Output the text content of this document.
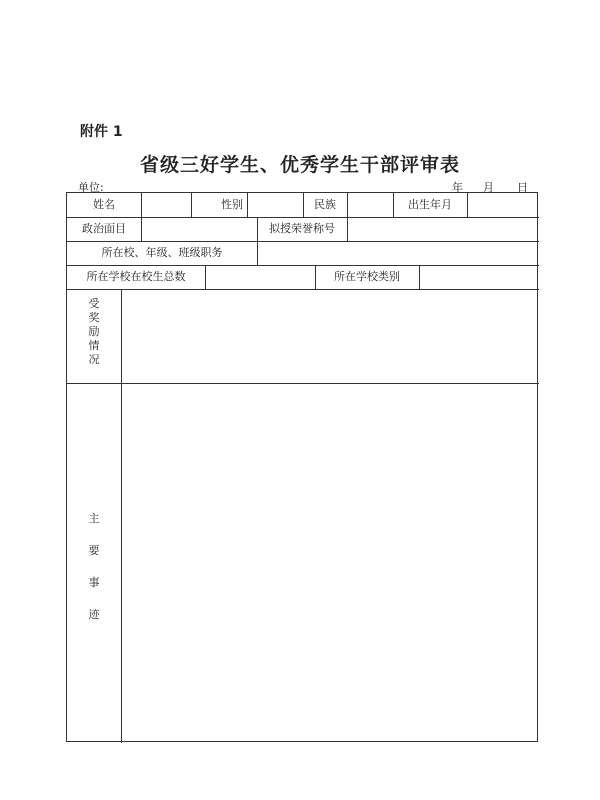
附件 1
省级三好学生、优秀学生干部评审表
单位:	年 月 日
姓名	性别	民族	出生年月
政治面目	拟授荣誉称号
所在校、年级、班级职务
所在学校在校生总数	所在学校类别
受
奖
励
情
况
主
要
事
迹
